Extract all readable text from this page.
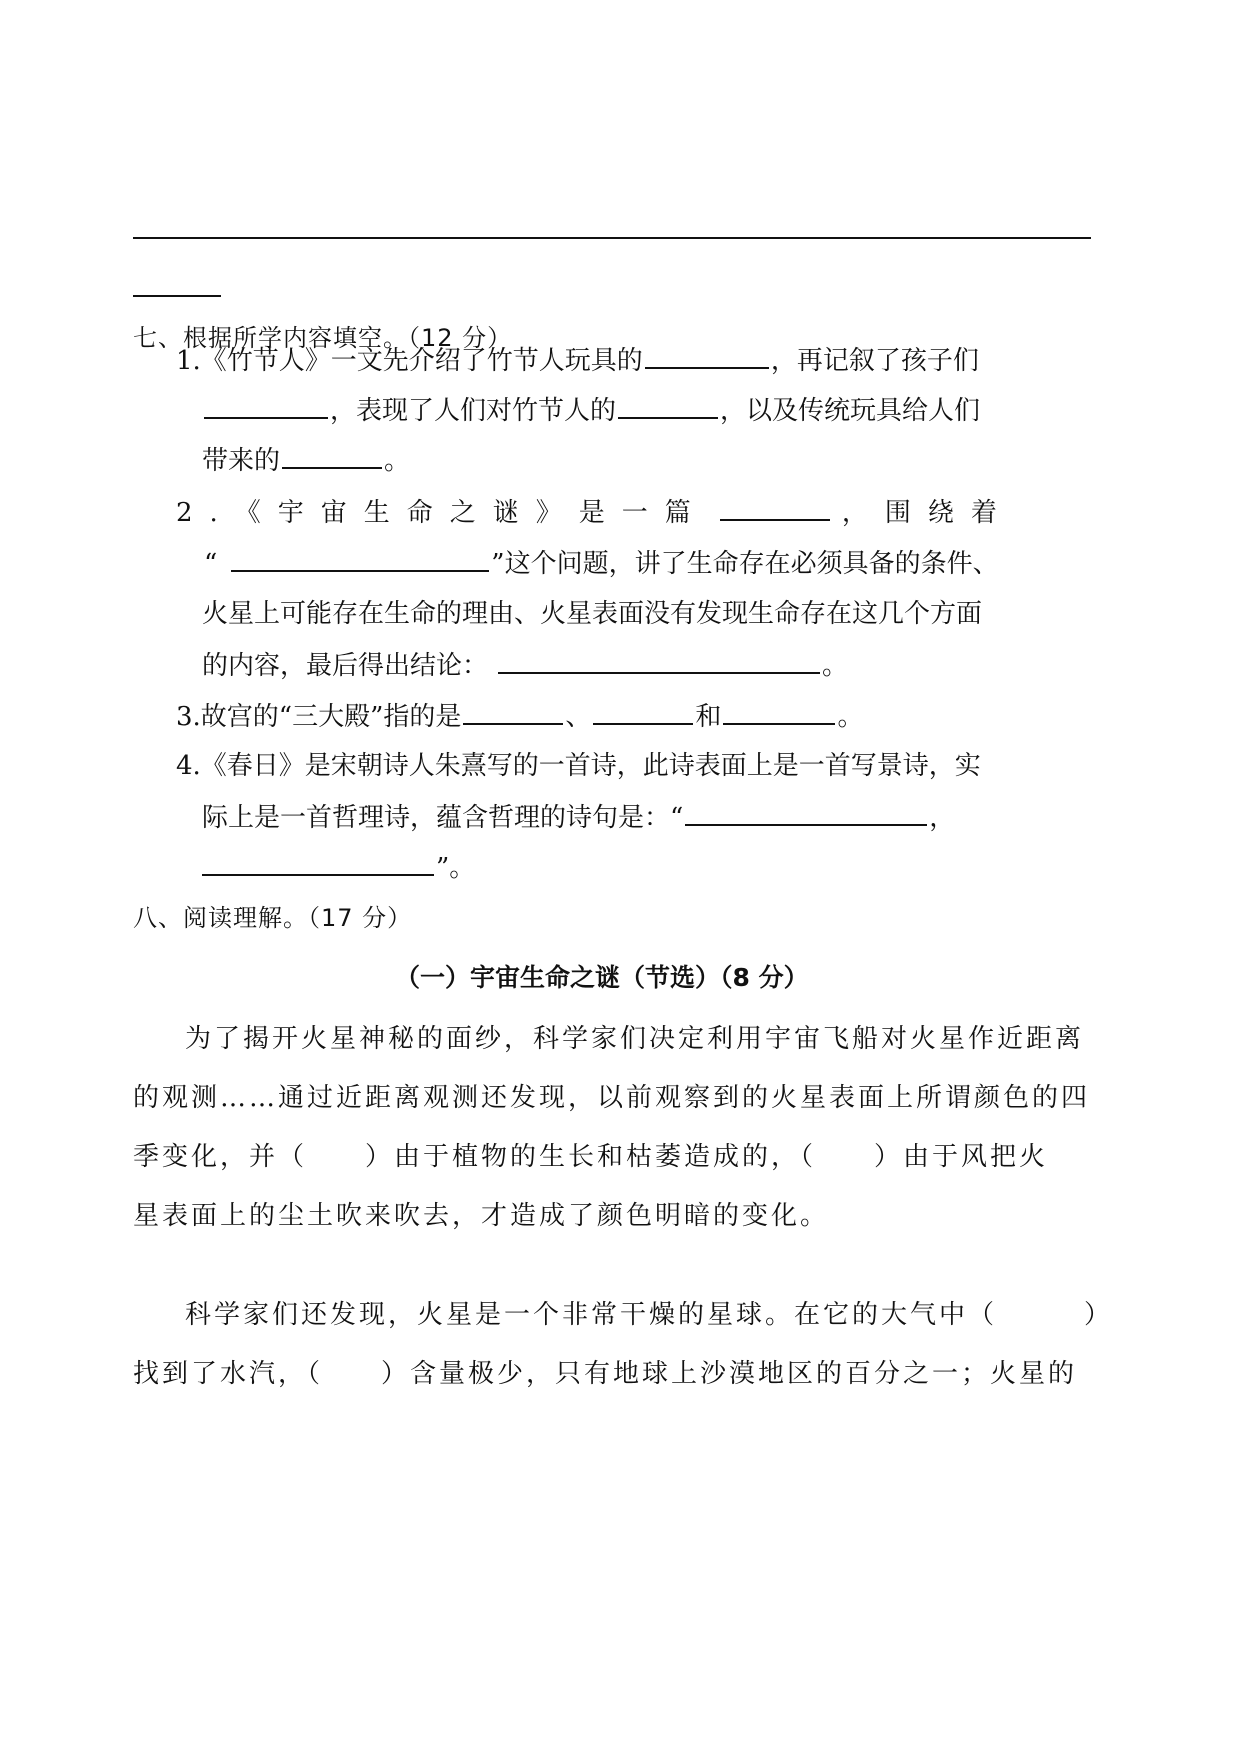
七、根据所学内容填空。（12 分）
1.《竹节人》一文先介绍了竹节人玩具的	，再记叙了孩子们
，表现了人们对竹节人的	，以及传统玩具给人们
带来的	。
2.《宇宙生命之谜》是一篇	，围绕着
“	”这个问题，讲了生命存在必须具备的条件、
火星上可能存在生命的理由、火星表面没有发现生命存在这几个方面
的内容，最后得出结论：	。
3.故宫的“三大殿”指的是	、	和	。
4.《春日》是宋朝诗人朱熹写的一首诗，此诗表面上是一首写景诗，实
际上是一首哲理诗，蕴含哲理的诗句是：“	，
”。
八、阅读理解。（17 分）
（一）宇宙生命之谜（节选）（8 分）
为了揭开火星神秘的面纱，科学家们决定利用宇宙飞船对火星作近距离
的观测……通过近距离观测还发现，以前观察到的火星表面上所谓颜色的四
季变化，并（　　）由于植物的生长和枯萎造成的，（　　）由于风把火
星表面上的尘土吹来吹去，才造成了颜色明暗的变化。
科学家们还发现，火星是一个非常干燥的星球。在它的大气中（　　　）
找到了水汽，（　　）含量极少，只有地球上沙漠地区的百分之一；火星的
